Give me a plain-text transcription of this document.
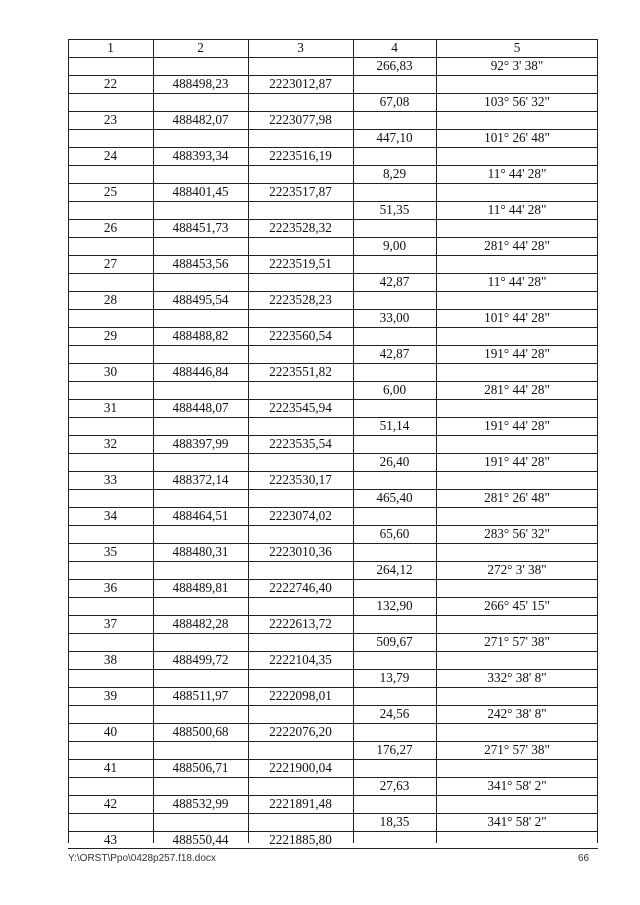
1	2	3	4	5
266,83	92° 3' 38"
22	488498,23	2223012,87
67,08	103° 56' 32"
23	488482,07	2223077,98
447,10	101° 26' 48"
24	488393,34	2223516,19
8,29	11° 44' 28"
25	488401,45	2223517,87
51,35	11° 44' 28"
26	488451,73	2223528,32
9,00	281° 44' 28"
27	488453,56	2223519,51
42,87	11° 44' 28"
28	488495,54	2223528,23
33,00	101° 44' 28"
29	488488,82	2223560,54
42,87	191° 44' 28"
30	488446,84	2223551,82
6,00	281° 44' 28"
31	488448,07	2223545,94
51,14	191° 44' 28"
32	488397,99	2223535,54
26,40	191° 44' 28"
33	488372,14	2223530,17
465,40	281° 26' 48"
34	488464,51	2223074,02
65,60	283° 56' 32"
35	488480,31	2223010,36
264,12	272° 3' 38"
36	488489,81	2222746,40
132,90	266° 45' 15"
37	488482,28	2222613,72
509,67	271° 57' 38"
38	488499,72	2222104,35
13,79	332° 38' 8"
39	488511,97	2222098,01
24,56	242° 38' 8"
40	488500,68	2222076,20
176,27	271° 57' 38"
41	488506,71	2221900,04
27,63	341° 58' 2"
42	488532,99	2221891,48
18,35	341° 58' 2"
43	488550,44	2221885,80
Y:\ORST\Ppo\0428p257.f18.docx	66
